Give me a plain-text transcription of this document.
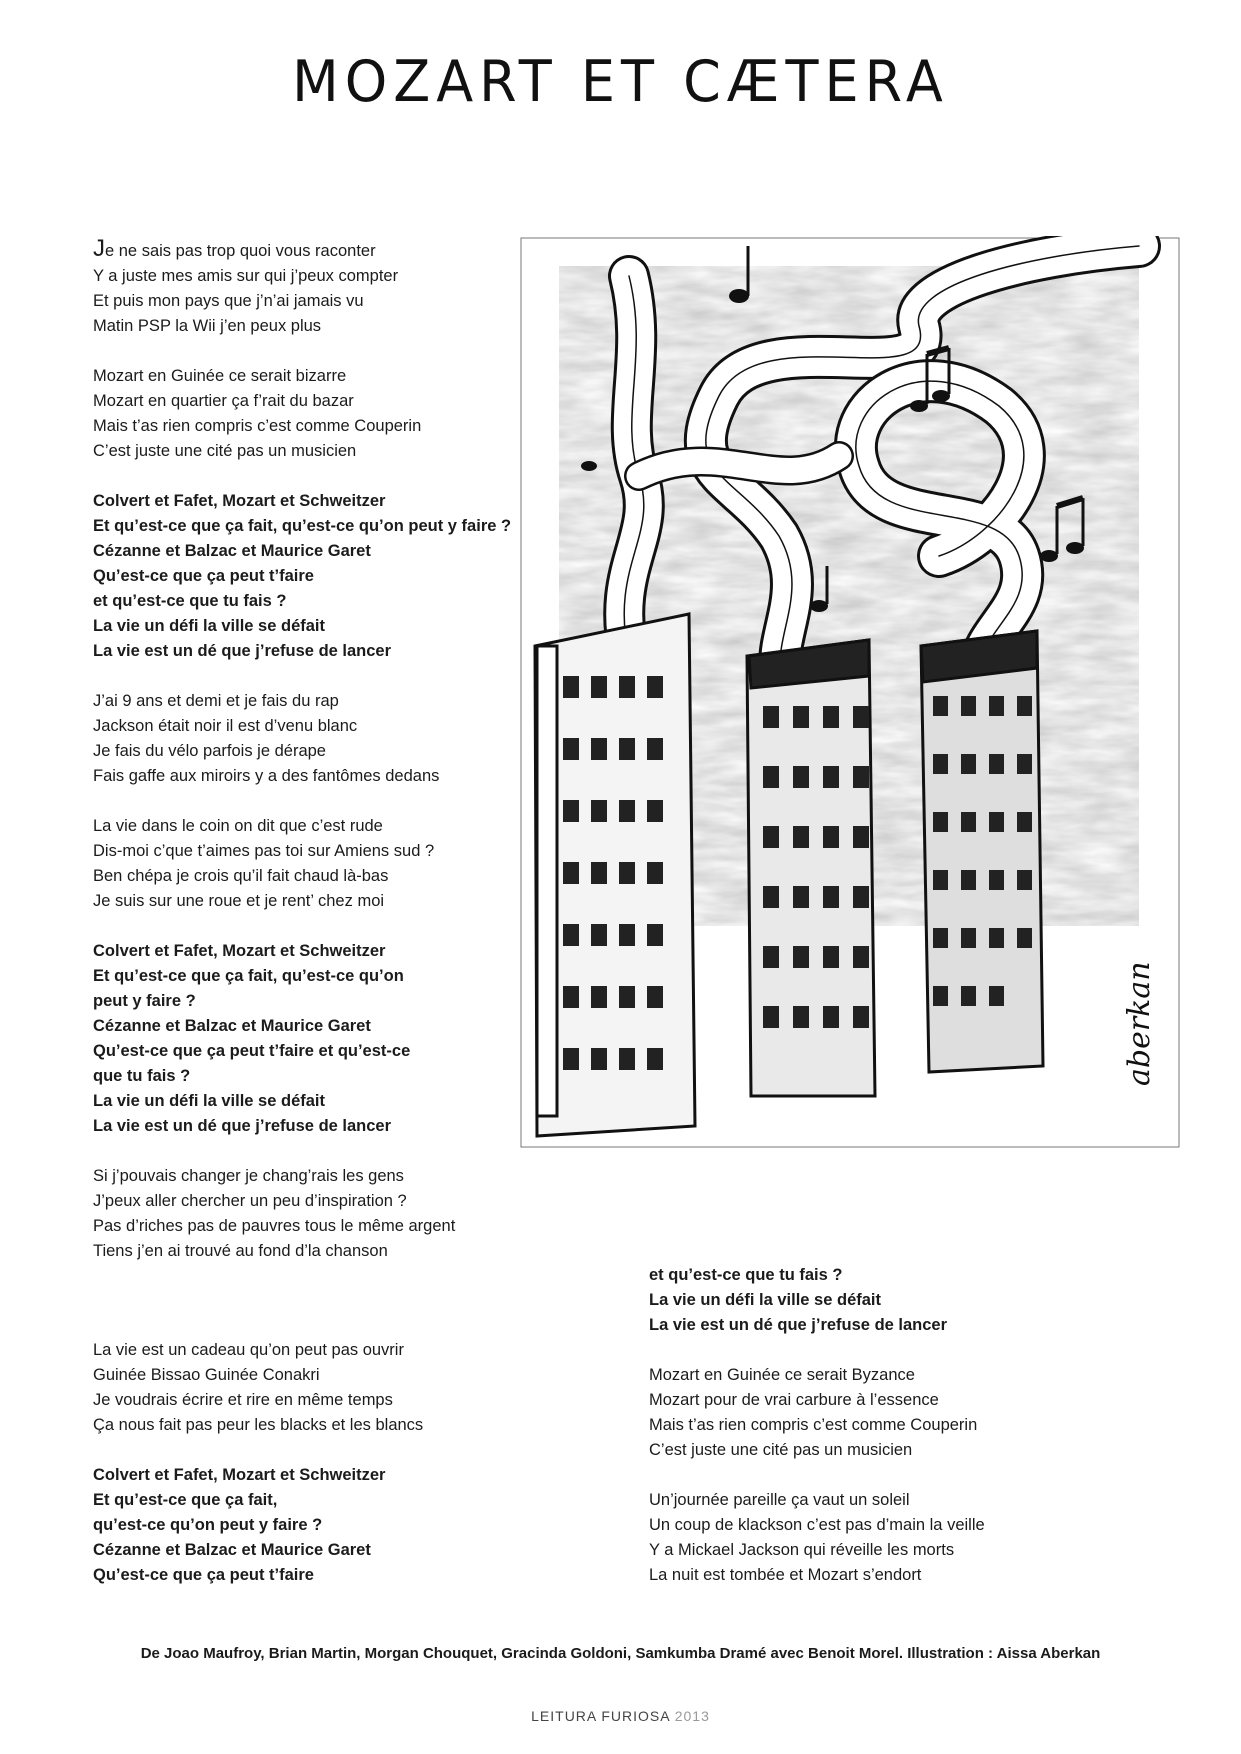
MOZART ET CÆTERA
Je ne sais pas trop quoi vous raconter
Y a juste mes amis sur qui j’peux compter
Et puis mon pays que j’n’ai jamais vu
Matin PSP la Wii j’en peux plus
Mozart en Guinée ce serait bizarre
Mozart en quartier ça f’rait du bazar
Mais t’as rien compris c’est comme Couperin
C’est juste une cité pas un musicien
Colvert et Fafet, Mozart et Schweitzer
Et qu’est-ce que ça fait, qu’est-ce qu’on peut y faire ?
Cézanne et Balzac et Maurice Garet
Qu’est-ce que ça peut t’faire
et qu’est-ce que tu fais ?
La vie un défi la ville se défait
La vie est un dé que j’refuse de lancer
J’ai 9 ans et demi et je fais du rap
Jackson était noir il est d’venu blanc
Je fais du vélo parfois je dérape
Fais gaffe aux miroirs y a des fantômes dedans
La vie dans le coin on dit que c’est rude
Dis-moi c’que t’aimes pas toi sur Amiens sud ?
Ben chépa je crois qu’il fait chaud là-bas
Je suis sur une roue et je rent’ chez moi
Colvert et Fafet, Mozart et Schweitzer
Et qu’est-ce que ça fait, qu’est-ce qu’on
peut y faire ?
Cézanne et Balzac et Maurice Garet
Qu’est-ce que ça peut t’faire et qu’est-ce
que tu fais ?
La vie un défi la ville se défait
La vie est un dé que j’refuse de lancer
Si j’pouvais changer je chang’rais les gens
J’peux aller chercher un peu d’inspiration ?
Pas d’riches pas de pauvres tous le même argent
Tiens j’en ai trouvé au fond d’la chanson
et qu’est-ce que tu fais ?
La vie un défi la ville se défait
La vie est un dé que j’refuse de lancer
Mozart en Guinée ce serait Byzance
Mozart pour de vrai carbure à l’essence
Mais t’as rien compris c’est comme Couperin
C’est juste une cité pas un musicien
Un’journée pareille ça vaut un soleil
Un coup de klackson c’est pas d’main la veille
Y a Mickael Jackson qui réveille les morts
La nuit est tombée et Mozart s’endort
La vie est un cadeau qu’on peut pas ouvrir
Guinée Bissao Guinée Conakri
Je voudrais écrire et rire en même temps
Ça nous fait pas peur les blacks et les blancs
Colvert et Fafet, Mozart et Schweitzer
Et qu’est-ce que ça fait,
qu’est-ce qu’on peut y faire ?
Cézanne et Balzac et Maurice Garet
Qu’est-ce que ça peut t’faire
aberkan
De Joao Maufroy, Brian Martin, Morgan Chouquet, Gracinda Goldoni, Samkumba Dramé avec Benoit Morel. Illustration : Aissa Aberkan
LEITURA FURIOSA 2013
